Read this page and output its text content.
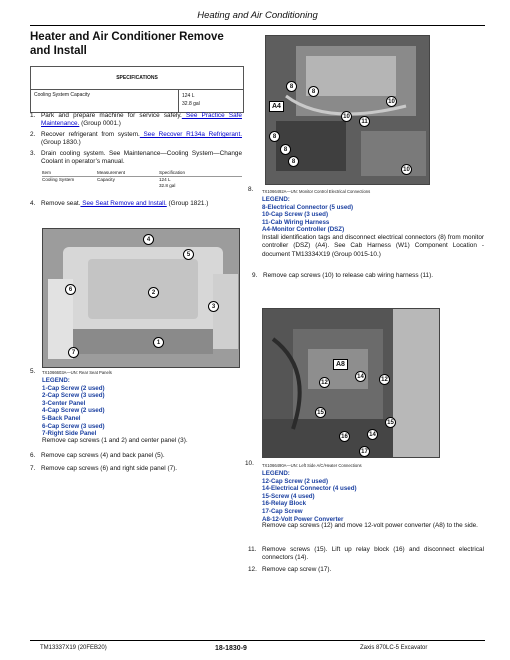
Heating and Air Conditioning
Heater and Air Conditioner Remove and Install
SPECIFICATIONS
Cooling System Capacity	124 L
32.8 gal
1. Park and prepare machine for service safely. See Practice Safe Maintenance. (Group 0001.)
2. Recover refrigerant from system. See Recover R134a Refrigerant. (Group 1830.)
3. Drain cooling system. See Maintenance—Cooling System—Change Coolant in operator’s manual.
Item	Measurement	Specification
Cooling System	Capacity	124 L
32.8 gal
4. Remove seat. See Seat Remove and Install. (Group 1821.)
4
5
6	2
3
1
7
5. TX1066603A—UN: Rear Seat Panels
LEGEND:
1-Cap Screw (2 used)
2-Cap Screw (3 used)
3-Center Panel
4-Cap Screw (2 used)
5-Back Panel
6-Cap Screw (3 used)
7-Right Side Panel
Remove cap screws (1 and 2) and center panel (3).
6. Remove cap screws (4) and back panel (5).
7. Remove cap screws (6) and right side panel (7).
8
8
A4
10
10
11
8
8
8
10
8. TX1066492A—UN: Monitor Control Electrical Connections
LEGEND:
8-Electrical Connector (5 used)
10-Cap Screw (3 used)
11-Cab Wiring Harness
A4-Monitor Controller (DSZ)
Install identification tags and disconnect electrical connectors (8) from monitor controller (DSZ) (A4). See Cab Harness (W1) Component Location - document TM13334X19 (Group 0015-10.)
9. Remove cap screws (10) to release cab wiring harness (11).
A8
14
12	12
15
15
16	14
17
10. TX1066490A—UN: Left Side A/C/Heater Connections
LEGEND:
12-Cap Screw (2 used)
14-Electrical Connector (4 used)
15-Screw (4 used)
16-Relay Block
17-Cap Screw
A8-12-Volt Power Converter
Remove cap screws (12) and move 12-volt power converter (A8) to the side.
11. Remove screws (15). Lift up relay block (16) and disconnect electrical connectors (14).
12. Remove cap screw (17).
TM13337X19 (20FEB20)	18-1830-9	Zaxis 870LC-5 Excavator
